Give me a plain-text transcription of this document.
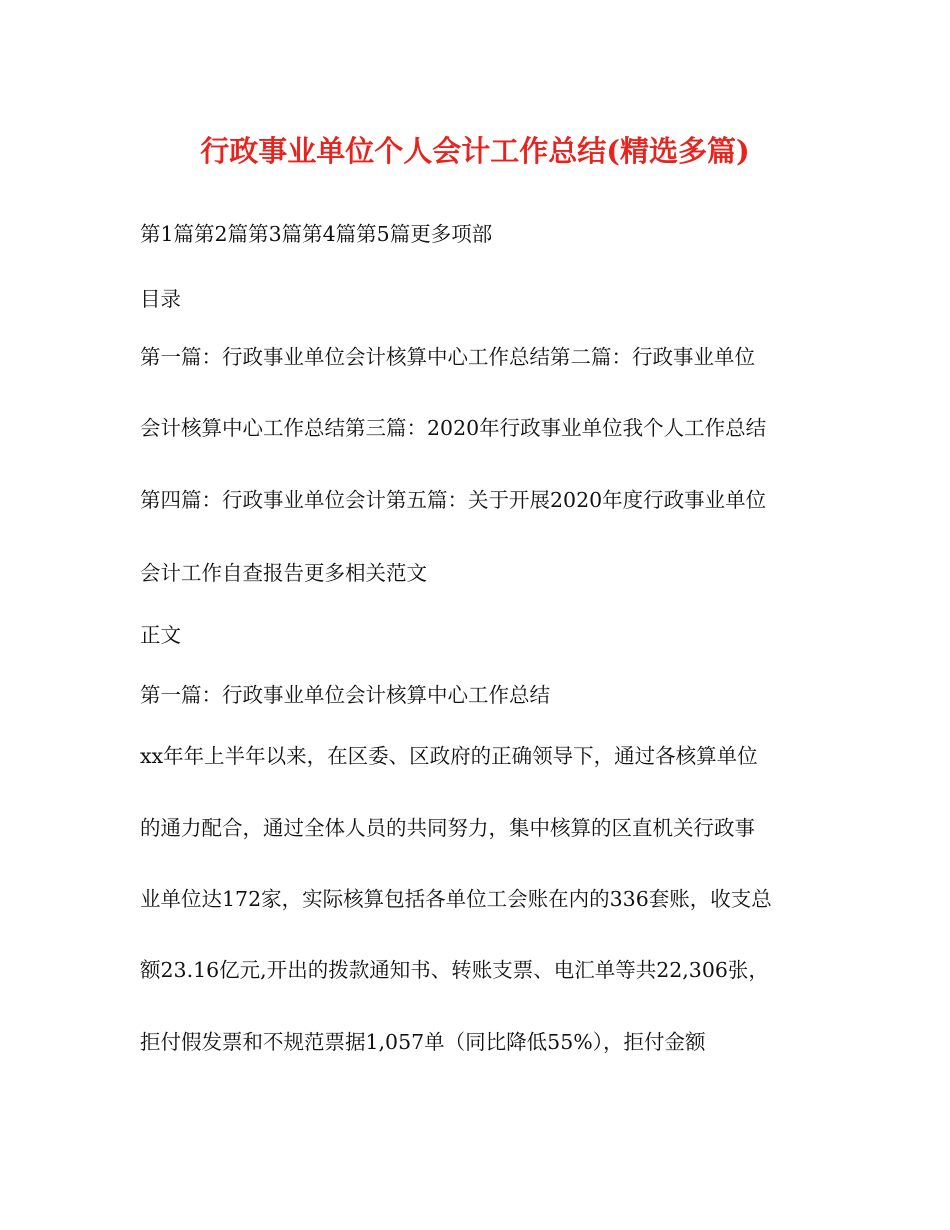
行政事业单位个人会计工作总结(精选多篇)
第1篇第2篇第3篇第4篇第5篇更多项部
目录
第一篇：行政事业单位会计核算中心工作总结第二篇：行政事业单位
会计核算中心工作总结第三篇：2020年行政事业单位我个人工作总结
第四篇：行政事业单位会计第五篇：关于开展2020年度行政事业单位
会计工作自查报告更多相关范文
正文
第一篇：行政事业单位会计核算中心工作总结
xx年年上半年以来，在区委、区政府的正确领导下，通过各核算单位
的通力配合，通过全体人员的共同努力，集中核算的区直机关行政事
业单位达172家，实际核算包括各单位工会账在内的336套账，收支总
额23.16亿元,开出的拨款通知书、转账支票、电汇单等共22,306张，
拒付假发票和不规范票据1,057单（同比降低55%），拒付金额
